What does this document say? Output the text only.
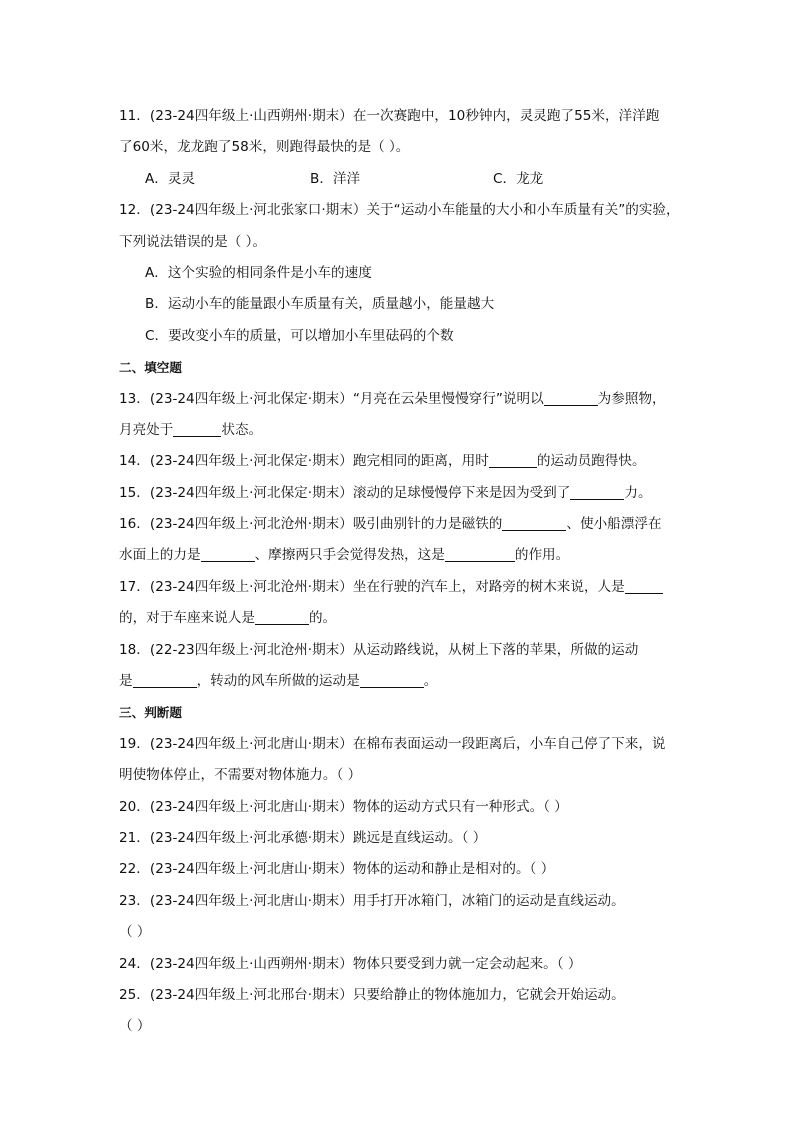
11．(23-24四年级上·山西朔州·期末）在一次赛跑中，10秒钟内，灵灵跑了55米，洋洋跑
了60米，龙龙跑了58米，则跑得最快的是（ ）。
A．灵灵	B．洋洋	C．龙龙
12．(23-24四年级上·河北张家口·期末）关于“运动小车能量的大小和小车质量有关”的实验，
下列说法错误的是（ ）。
A．这个实验的相同条件是小车的速度
B．运动小车的能量跟小车质量有关，质量越小，能量越大
C．要改变小车的质量，可以增加小车里砝码的个数
二、填空题
13．(23-24四年级上·河北保定·期末）“月亮在云朵里慢慢穿行”说明以	为参照物，
月亮处于	状态。
14．(23-24四年级上·河北保定·期末）跑完相同的距离，用时	的运动员跑得快。
15．(23-24四年级上·河北保定·期末）滚动的足球慢慢停下来是因为受到了	力。
16．(23-24四年级上·河北沧州·期末）吸引曲别针的力是磁铁的	、使小船漂浮在
水面上的力是	、摩擦两只手会觉得发热，这是	的作用。
17．(23-24四年级上·河北沧州·期末）坐在行驶的汽车上，对路旁的树木来说，人是
的，对于车座来说人是	的。
18．(22-23四年级上·河北沧州·期末）从运动路线说，从树上下落的苹果，所做的运动
是	，转动的风车所做的运动是	。
三、判断题
19．(23-24四年级上·河北唐山·期末）在棉布表面运动一段距离后，小车自己停了下来，说
明使物体停止，不需要对物体施力。（ ）
20．(23-24四年级上·河北唐山·期末）物体的运动方式只有一种形式。（ ）
21．(23-24四年级上·河北承德·期末）跳远是直线运动。（ ）
22．(23-24四年级上·河北唐山·期末）物体的运动和静止是相对的。（ ）
23．(23-24四年级上·河北唐山·期末）用手打开冰箱门，冰箱门的运动是直线运动。
（ ）
24．(23-24四年级上·山西朔州·期末）物体只要受到力就一定会动起来。（ ）
25．(23-24四年级上·河北邢台·期末）只要给静止的物体施加力，它就会开始运动。
（ ）
